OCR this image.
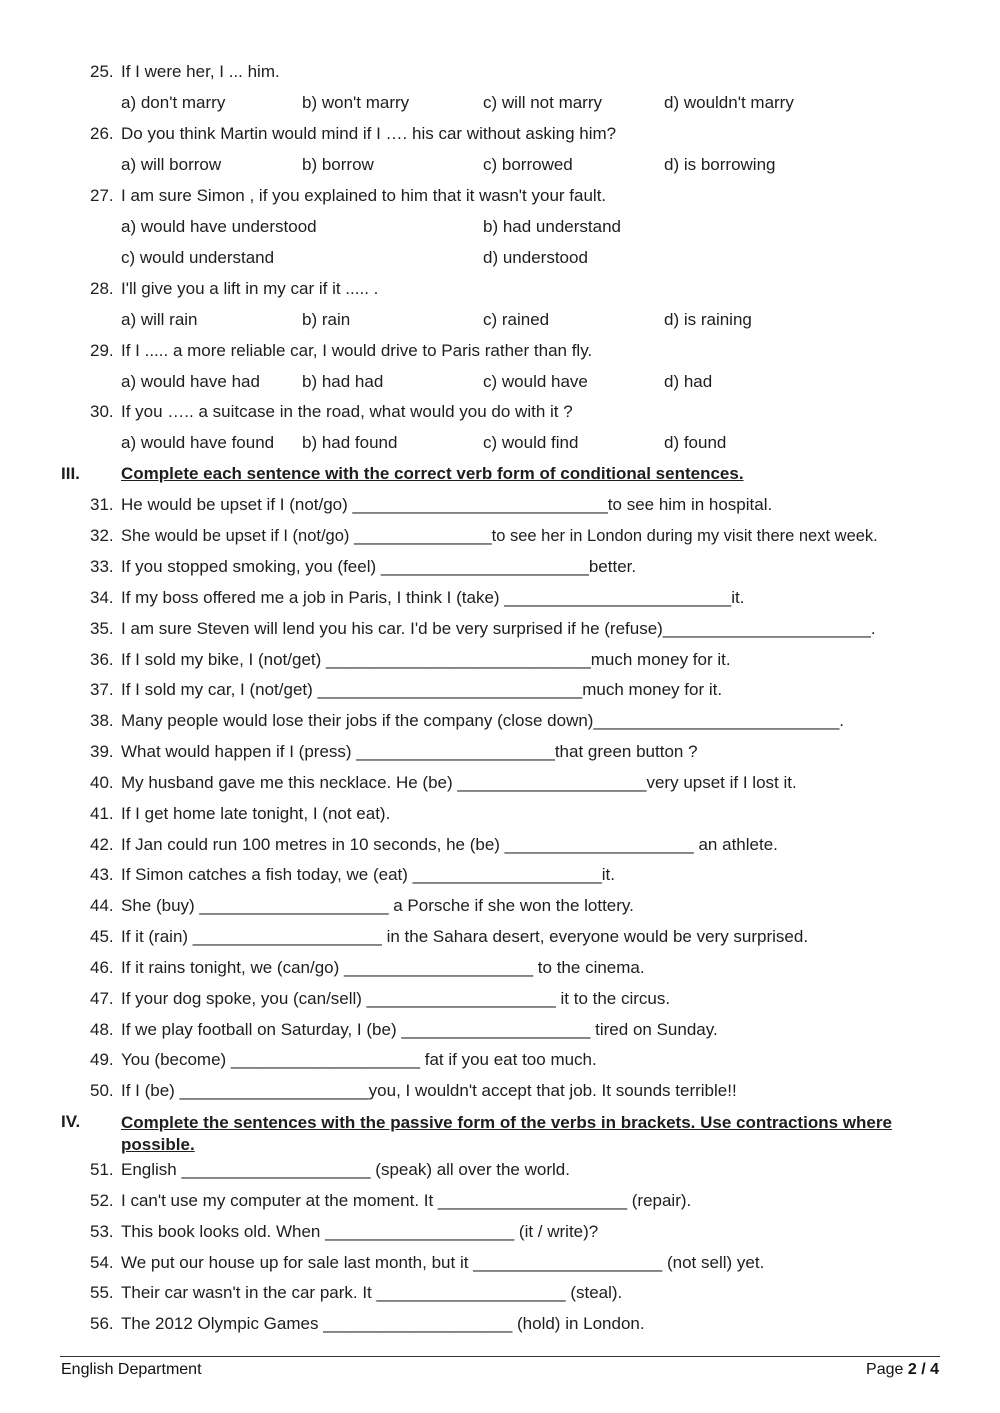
25. If I were her, I ... him.
a) don't marry	b) won't marry	c) will not marry	d) wouldn't marry
26. Do you think Martin would mind if I …. his car without asking him?
a) will borrow	b) borrow	c) borrowed	d) is borrowing
27. I am sure Simon , if you explained to him that it wasn't your fault.
a) would have understood	b) had understand
c) would understand	d) understood
28. I'll give you a lift in my car if it ..... .
a) will rain	b) rain	c) rained	d) is raining
29. If I ..... a more reliable car, I would drive to Paris rather than fly.
a) would have had b) had had	c) would have	d) had
30. If you ….. a suitcase in the road, what would you do with it ?
a) would have found b) had found	c) would find	d) found
III. Complete each sentence with the correct verb form of conditional sentences.
31. He would be upset if I (not/go) ___________________________to see him in hospital.
32. She would be upset if I (not/go) _______________to see her in London during my visit there next week.
33. If you stopped smoking, you (feel) ______________________better.
34. If my boss offered me a job in Paris, I think I (take) ________________________it.
35. I am sure Steven will lend you his car. I'd be very surprised if he (refuse)______________________.
36. If I sold my bike, I (not/get) ____________________________much money for it.
37. If I sold my car, I (not/get) ____________________________much money for it.
38. Many people would lose their jobs if the company (close down)__________________________.
39. What would happen if I (press) _____________________that green button ?
40. My husband gave me this necklace. He (be) ____________________very upset if I lost it.
41. If I get home late tonight, I (not eat).
42. If Jan could run 100 metres in 10 seconds, he (be) ____________________ an athlete.
43. If Simon catches a fish today, we (eat) ____________________it.
44. She (buy) ____________________ a Porsche if she won the lottery.
45. If it (rain) ____________________ in the Sahara desert, everyone would be very surprised.
46. If it rains tonight, we (can/go) ____________________ to the cinema.
47. If your dog spoke, you (can/sell) ____________________ it to the circus.
48. If we play football on Saturday, I (be) ____________________ tired on Sunday.
49. You (become) ____________________ fat if you eat too much.
50. If I (be) ____________________you, I wouldn't accept that job. It sounds terrible!!
IV. Complete the sentences with the passive form of the verbs in brackets. Use contractions where possible.
51. English ____________________ (speak) all over the world.
52. I can't use my computer at the moment. It ____________________ (repair).
53. This book looks old. When ____________________ (it / write)?
54. We put our house up for sale last month, but it ____________________ (not sell) yet.
55. Their car wasn't in the car park. It ____________________ (steal).
56. The 2012 Olympic Games ____________________ (hold) in London.
English Department	Page 2 / 4
